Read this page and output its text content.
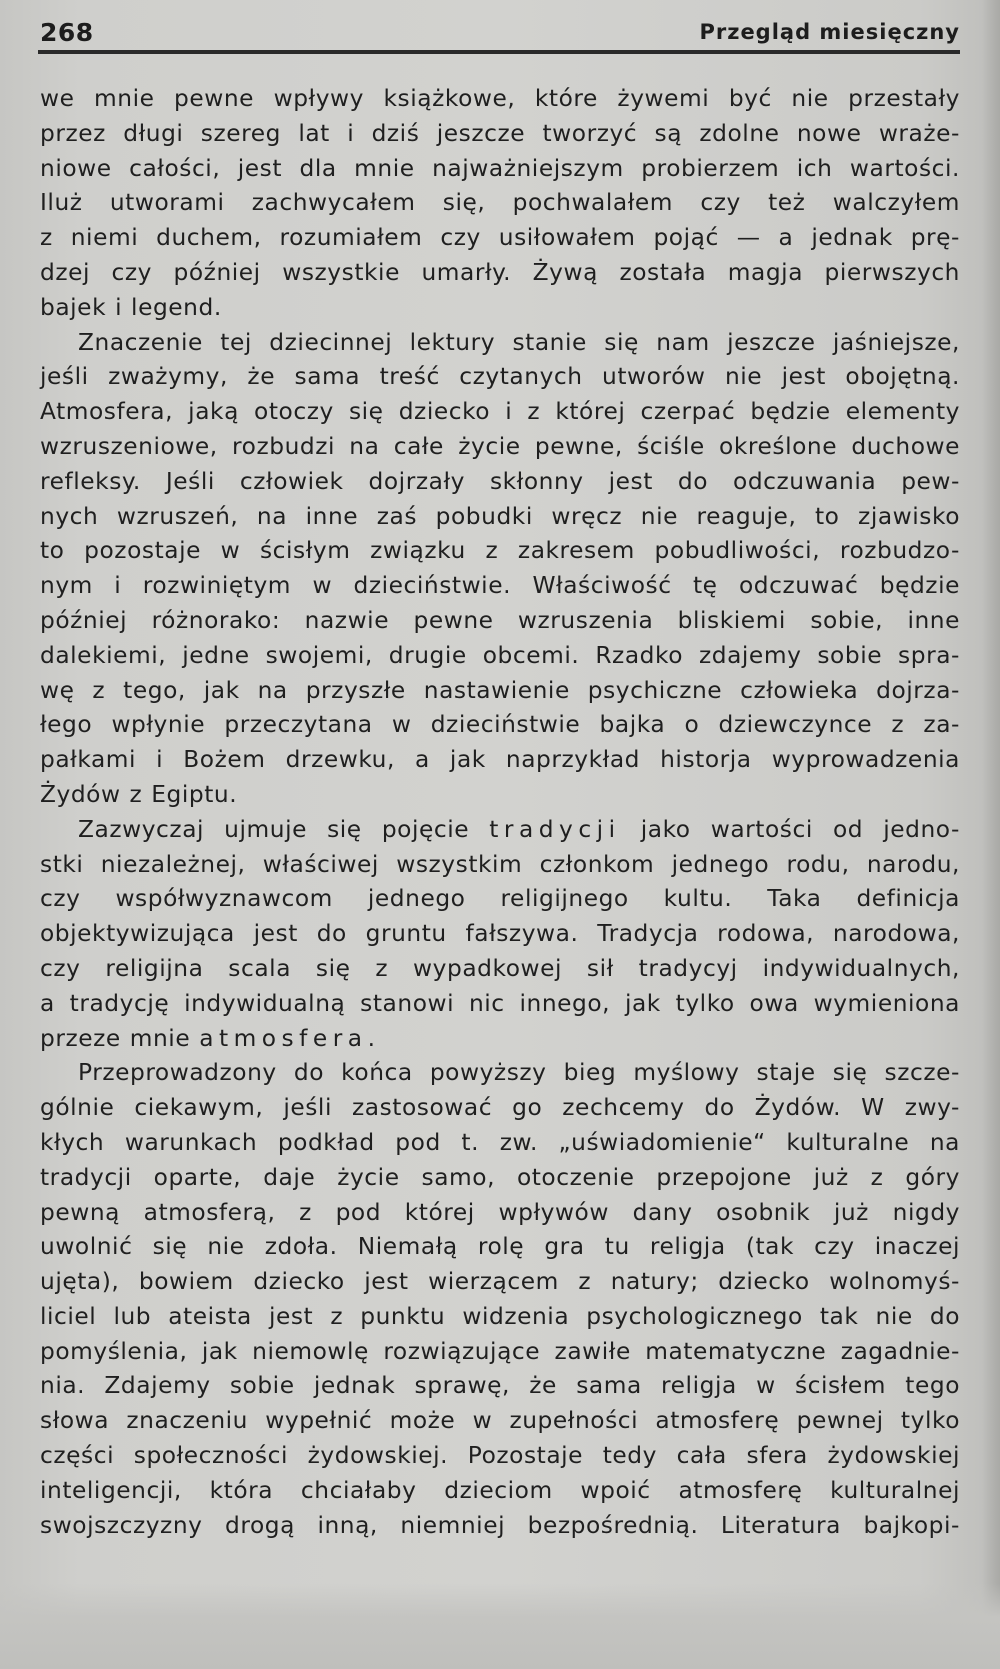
268	Przegląd miesięczny

we mnie pewne wpływy książkowe, które żywemi być nie przestały

przez długi szereg lat i dziś jeszcze tworzyć są zdolne nowe wraże-

niowe całości, jest dla mnie najważniejszym probierzem ich wartości.

Iluż utworami zachwycałem się, pochwalałem czy też walczyłem

z niemi duchem, rozumiałem czy usiłowałem pojąć — a jednak prę-

dzej czy później wszystkie umarły. Żywą została magja pierwszych

bajek i legend.

Znaczenie tej dziecinnej lektury stanie się nam jeszcze jaśniejsze,

jeśli zważymy, że sama treść czytanych utworów nie jest obojętną.

Atmosfera, jaką otoczy się dziecko i z której czerpać będzie elementy

wzruszeniowe, rozbudzi na całe życie pewne, ściśle określone duchowe

refleksy. Jeśli człowiek dojrzały skłonny jest do odczuwania pew-

nych wzruszeń, na inne zaś pobudki wręcz nie reaguje, to zjawisko

to pozostaje w ścisłym związku z zakresem pobudliwości, rozbudzo-

nym i rozwiniętym w dzieciństwie. Właściwość tę odczuwać będzie

później różnorako: nazwie pewne wzruszenia bliskiemi sobie, inne

dalekiemi, jedne swojemi, drugie obcemi. Rzadko zdajemy sobie spra-

wę z tego, jak na przyszłe nastawienie psychiczne człowieka dojrza-

łego wpłynie przeczytana w dzieciństwie bajka o dziewczynce z za-

pałkami i Bożem drzewku, a jak naprzykład historja wyprowadzenia

Żydów z Egiptu.

Zazwyczaj ujmuje się pojęcie tradycji jako wartości od jedno-

stki niezależnej, właściwej wszystkim członkom jednego rodu, narodu,

czy współwyznawcom jednego religijnego kultu. Taka definicja

objektywizująca jest do gruntu fałszywa. Tradycja rodowa, narodowa,

czy religijna scala się z wypadkowej sił tradycyj indywidualnych,

a tradycję indywidualną stanowi nic innego, jak tylko owa wymieniona

przeze mnie atmosfera.

Przeprowadzony do końca powyższy bieg myślowy staje się szcze-

gólnie ciekawym, jeśli zastosować go zechcemy do Żydów. W zwy-

kłych warunkach podkład pod t. zw. „uświadomienie“ kulturalne na

tradycji oparte, daje życie samo, otoczenie przepojone już z góry

pewną atmosferą, z pod której wpływów dany osobnik już nigdy

uwolnić się nie zdoła. Niemałą rolę gra tu religja (tak czy inaczej

ujęta), bowiem dziecko jest wierzącem z natury; dziecko wolnomyś-

liciel lub ateista jest z punktu widzenia psychologicznego tak nie do

pomyślenia, jak niemowlę rozwiązujące zawiłe matematyczne zagadnie-

nia. Zdajemy sobie jednak sprawę, że sama religja w ścisłem tego

słowa znaczeniu wypełnić może w zupełności atmosferę pewnej tylko

części społeczności żydowskiej. Pozostaje tedy cała sfera żydowskiej

inteligencji, która chciałaby dzieciom wpoić atmosferę kulturalnej

swojszczyzny drogą inną, niemniej bezpośrednią. Literatura bajkopi-
